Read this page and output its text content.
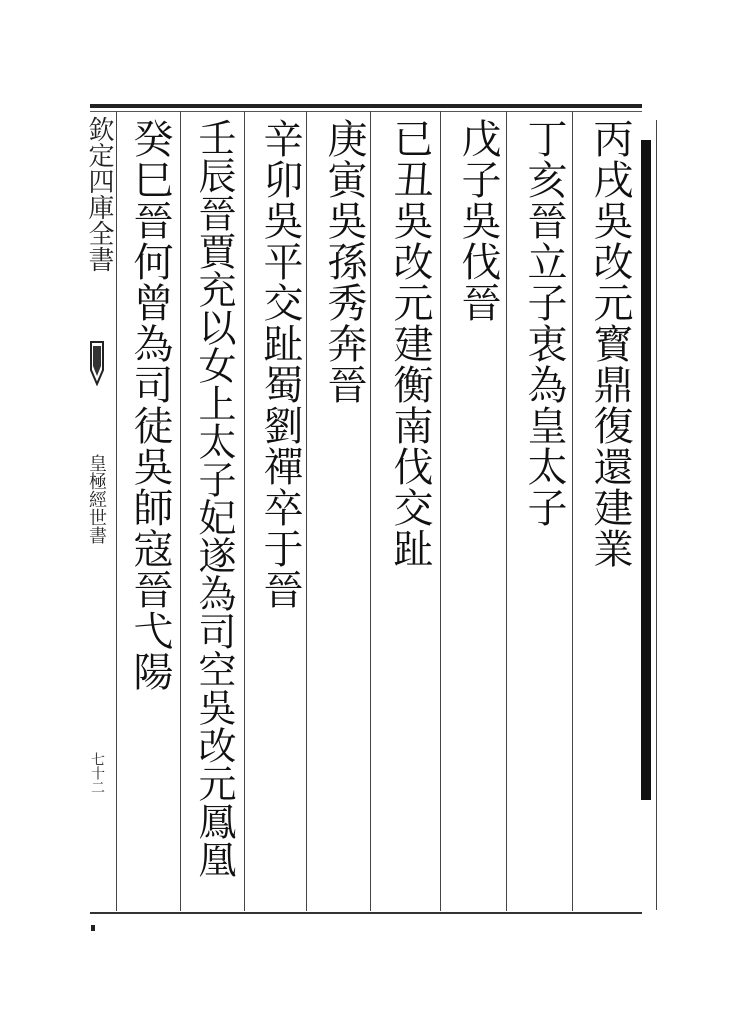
丙戌吳改元寳鼎復還建業
丁亥晉立子衷為皇太子
戊子吳伐晉
已丑吳改元建衡南伐交趾
庚寅吳孫秀奔晉
辛卯吳平交趾蜀劉禪卒于晉
壬辰晉賈充以女上太子妃遂為司空吳改元鳳凰
癸巳晉何曾為司徒吳師寇晉弋陽
欽定四庫全書
皇極經世書
七十二
